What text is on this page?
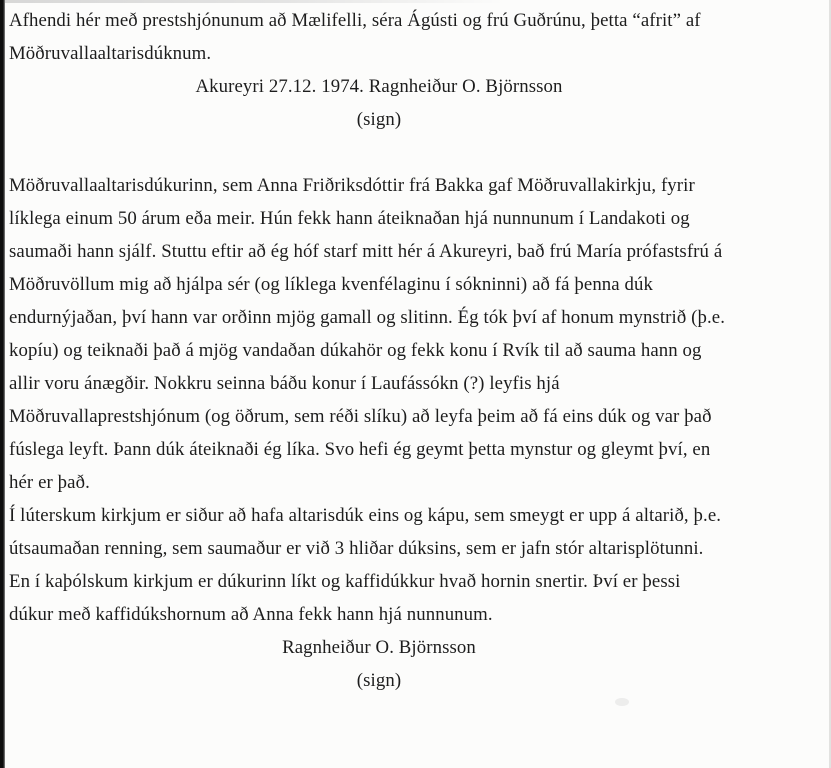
Afhendi hér með prestshjónunum að Mælifelli, séra Ágústi og frú Guðrúnu, þetta “afrit” af
Möðruvallaaltarisdúknum.
Akureyri 27.12. 1974. Ragnheiður O. Björnsson
(sign)
Möðruvallaaltarisdúkurinn, sem Anna Friðriksdóttir frá Bakka gaf Möðruvallakirkju, fyrir
líklega einum 50 árum eða meir. Hún fekk hann áteiknaðan hjá nunnunum í Landakoti og
saumaði hann sjálf. Stuttu eftir að ég hóf starf mitt hér á Akureyri, bað frú María prófastsfrú á
Möðruvöllum mig að hjálpa sér (og líklega kvenfélaginu í sókninni) að fá þenna dúk
endurnýjaðan, því hann var orðinn mjög gamall og slitinn. Ég tók því af honum mynstrið (þ.e.
kopíu) og teiknaði það á mjög vandaðan dúkahör og fekk konu í Rvík til að sauma hann og
allir voru ánægðir. Nokkru seinna báðu konur í Laufássókn (?) leyfis hjá
Möðruvallaprestshjónum (og öðrum, sem réði slíku) að leyfa þeim að fá eins dúk og var það
fúslega leyft. Þann dúk áteiknaði ég líka. Svo hefi ég geymt þetta mynstur og gleymt því, en
hér er það.
Í lúterskum kirkjum er siður að hafa altarisdúk eins og kápu, sem smeygt er upp á altarið, þ.e.
útsaumaðan renning, sem saumaður er við 3 hliðar dúksins, sem er jafn stór altarisplötunni.
En í kaþólskum kirkjum er dúkurinn líkt og kaffidúkkur hvað hornin snertir. Því er þessi
dúkur með kaffidúkshornum að Anna fekk hann hjá nunnunum.
Ragnheiður O. Björnsson
(sign)
